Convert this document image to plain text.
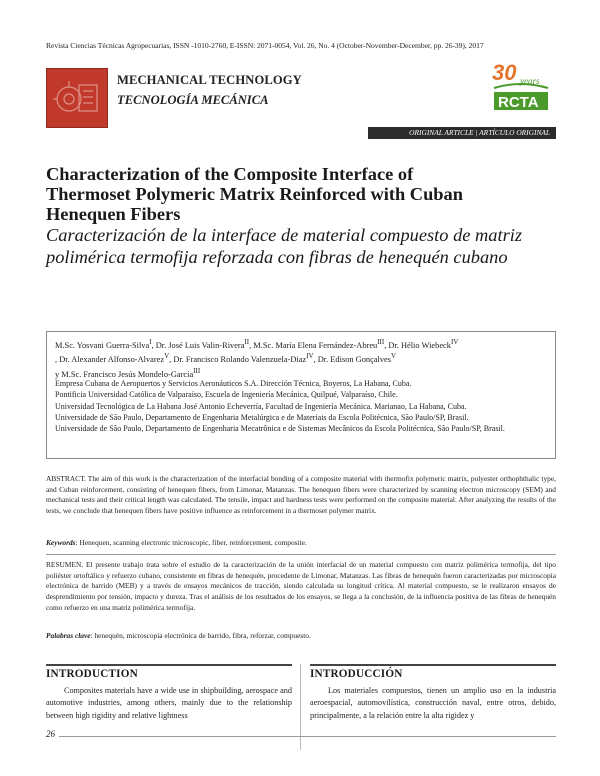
Revista Ciencias Técnicas Agropecuarias, ISSN -1010-2760, E-ISSN: 2071-0054, Vol. 26, No. 4 (October-November-December, pp. 26-39), 2017
MECHANICAL TECHNOLOGY
TECNOLOGÍA MECÁNICA
30 years
RCTA
ORIGINAL ARTICLE | ARTÍCULO ORIGINAL
Characterization of the Composite Interface of Thermoset Polymeric Matrix Reinforced with Cuban Henequen Fibers
Caracterización de la interface de material compuesto de matriz polimérica termofija reforzada con fibras de henequén cubano
M.Sc. Yosvani Guerra-Silva$^I$, Dr. José Luis Valin-Rivera$^{II}$, M.Sc. María Elena Fernández-Abreu$^{III}$, Dr. Hélio Wiebeck$^{IV}$
, Dr. Alexander Alfonso-Alvarez$^V$, Dr. Francisco Rolando Valenzuela-Diaz$^{IV}$, Dr. Edison Gonçalves$^V$
y M.Sc. Francisco Jesús Mondelo-García$^{III}$
Empresa Cubana de Aeropuertos y Servicios Aeronáuticos S.A. Dirección Técnica, Boyeros, La Habana, Cuba.
Pontificia Universidad Católica de Valparaíso, Escuela de Ingeniería Mecánica, Quilpué, Valparaíso, Chile.
Universidad Tecnológica de La Habana José Antonio Echeverría, Facultad de Ingeniería Mecánica. Marianao, La Habana, Cuba.
Universidade de São Paulo, Departamento de Engenharia Metalúrgica e de Materiais da Escola Politécnica, São Paulo/SP, Brasil.
Universidade de São Paulo, Departamento de Engenharia Mecatrônica e de Sistemas Mecânicos da Escola Politécnica, São Paulo/SP, Brasil.
ABSTRACT. The aim of this work is the characterization of the interfacial bonding of a composite material with thermofix polymeric matrix, polyester orthophthalic type, and Cuban reinforcement, consisting of henequen fibers, from Limonar, Matanzas. The henequen fibers were characterized by scanning electron microscopy (SEM) and mechanical tests and their critical length was calculated. The tensile, impact and hardness tests were performed on the composite material. After analyzing the results of the tests, we conclude that henequen fibers have positive influence as reinforcement in a thermoset polymer matrix.
Keywords: Henequen, scanning electronic microscopic, fiber, reinforcement, composite.
RESUMEN. El presente trabajo trata sobre el estudio de la caracterización de la unión interfacial de un material compuesto con matriz polimérica termofija, del tipo poliéster ortoftálico y refuerzo cubano, consistente en fibras de henequén, procedente de Limonar, Matanzas. Las fibras de henequén fueron caracterizadas por microscopia electrónica de barrido (MEB) y a través de ensayos mecánicos de tracción, siendo calculada su longitud crítica. Al material compuesto, se le realizaron ensayos de desprendimiento por tensión, impacto y dureza. Tras el análisis de los resultados de los ensayos, se llega a la conclusión, de la influencia positiva de las fibras de henequén como refuerzo en una matriz polimérica termofija.
Palabras clave: henequén, microscopía electrónica de barrido, fibra, reforzar, compuesto.
INTRODUCTION	INTRODUCCIÓN
Composites materials have a wide use in shipbuilding, aerospace and automotive industries, among others, mainly due to the relationship between high rigidity and relative lightness
Los materiales compuestos, tienen un amplio uso en la industria aeroespacial, automovilística, construcción naval, entre otros, debido, principalmente, a la relación entre la alta rigidez y
26
